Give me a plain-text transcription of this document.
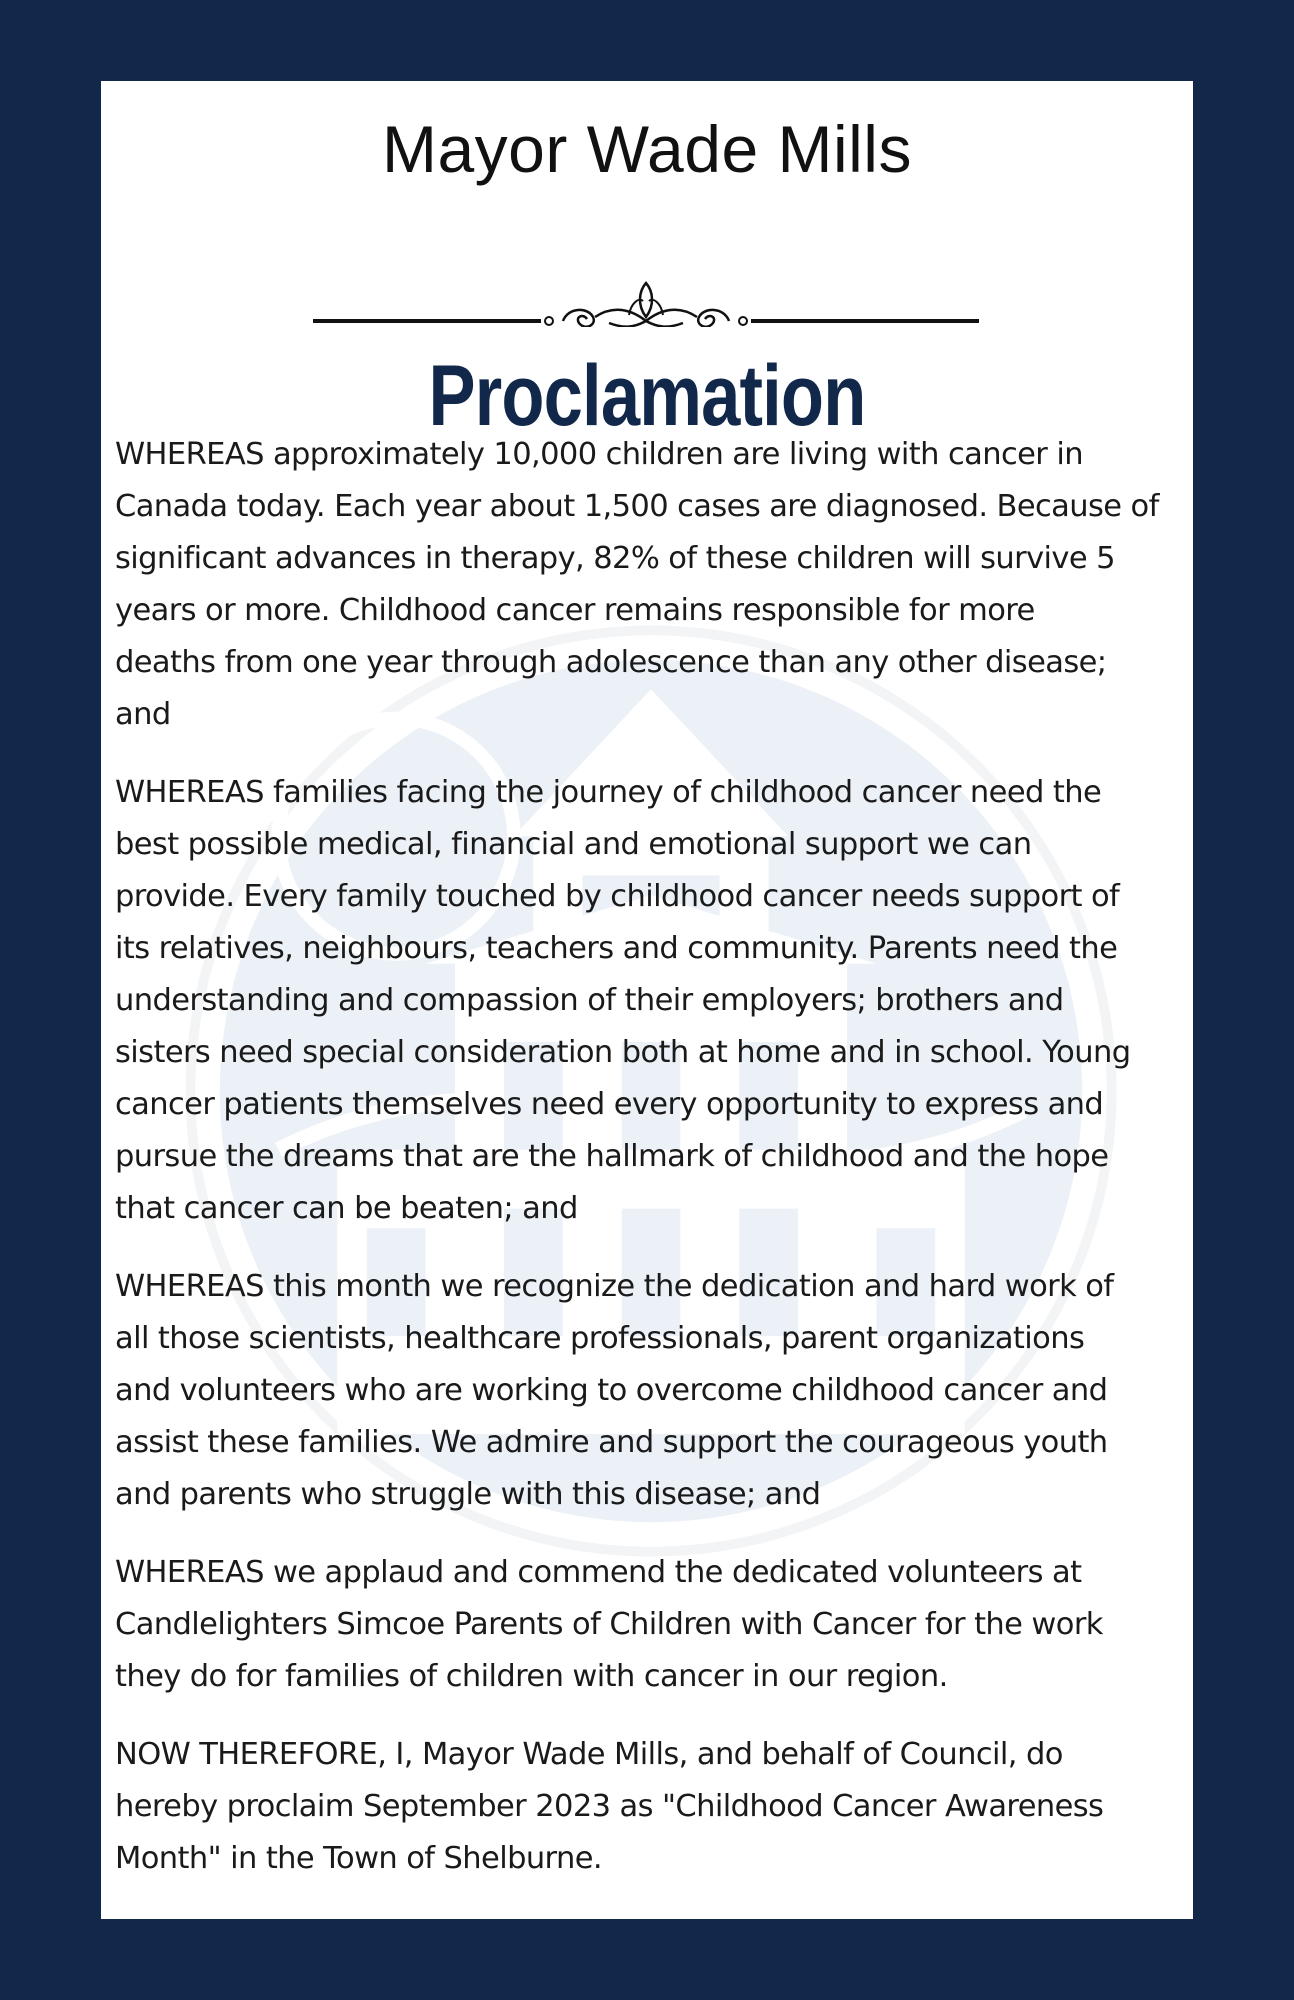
Mayor Wade Mills
Proclamation

WHEREAS approximately 10,000 children are living with cancer in
Canada today. Each year about 1,500 cases are diagnosed. Because of
significant advances in therapy, 82% of these children will survive 5
years or more. Childhood cancer remains responsible for more
deaths from one year through adolescence than any other disease;
and

WHEREAS families facing the journey of childhood cancer need the
best possible medical, financial and emotional support we can
provide. Every family touched by childhood cancer needs support of
its relatives, neighbours, teachers and community. Parents need the
understanding and compassion of their employers; brothers and
sisters need special consideration both at home and in school. Young
cancer patients themselves need every opportunity to express and
pursue the dreams that are the hallmark of childhood and the hope
that cancer can be beaten; and

WHEREAS this month we recognize the dedication and hard work of
all those scientists, healthcare professionals, parent organizations
and volunteers who are working to overcome childhood cancer and
assist these families. We admire and support the courageous youth
and parents who struggle with this disease; and

WHEREAS we applaud and commend the dedicated volunteers at
Candlelighters Simcoe Parents of Children with Cancer for the work
they do for families of children with cancer in our region.

NOW THEREFORE, I, Mayor Wade Mills, and behalf of Council, do
hereby proclaim September 2023 as "Childhood Cancer Awareness
Month" in the Town of Shelburne.
